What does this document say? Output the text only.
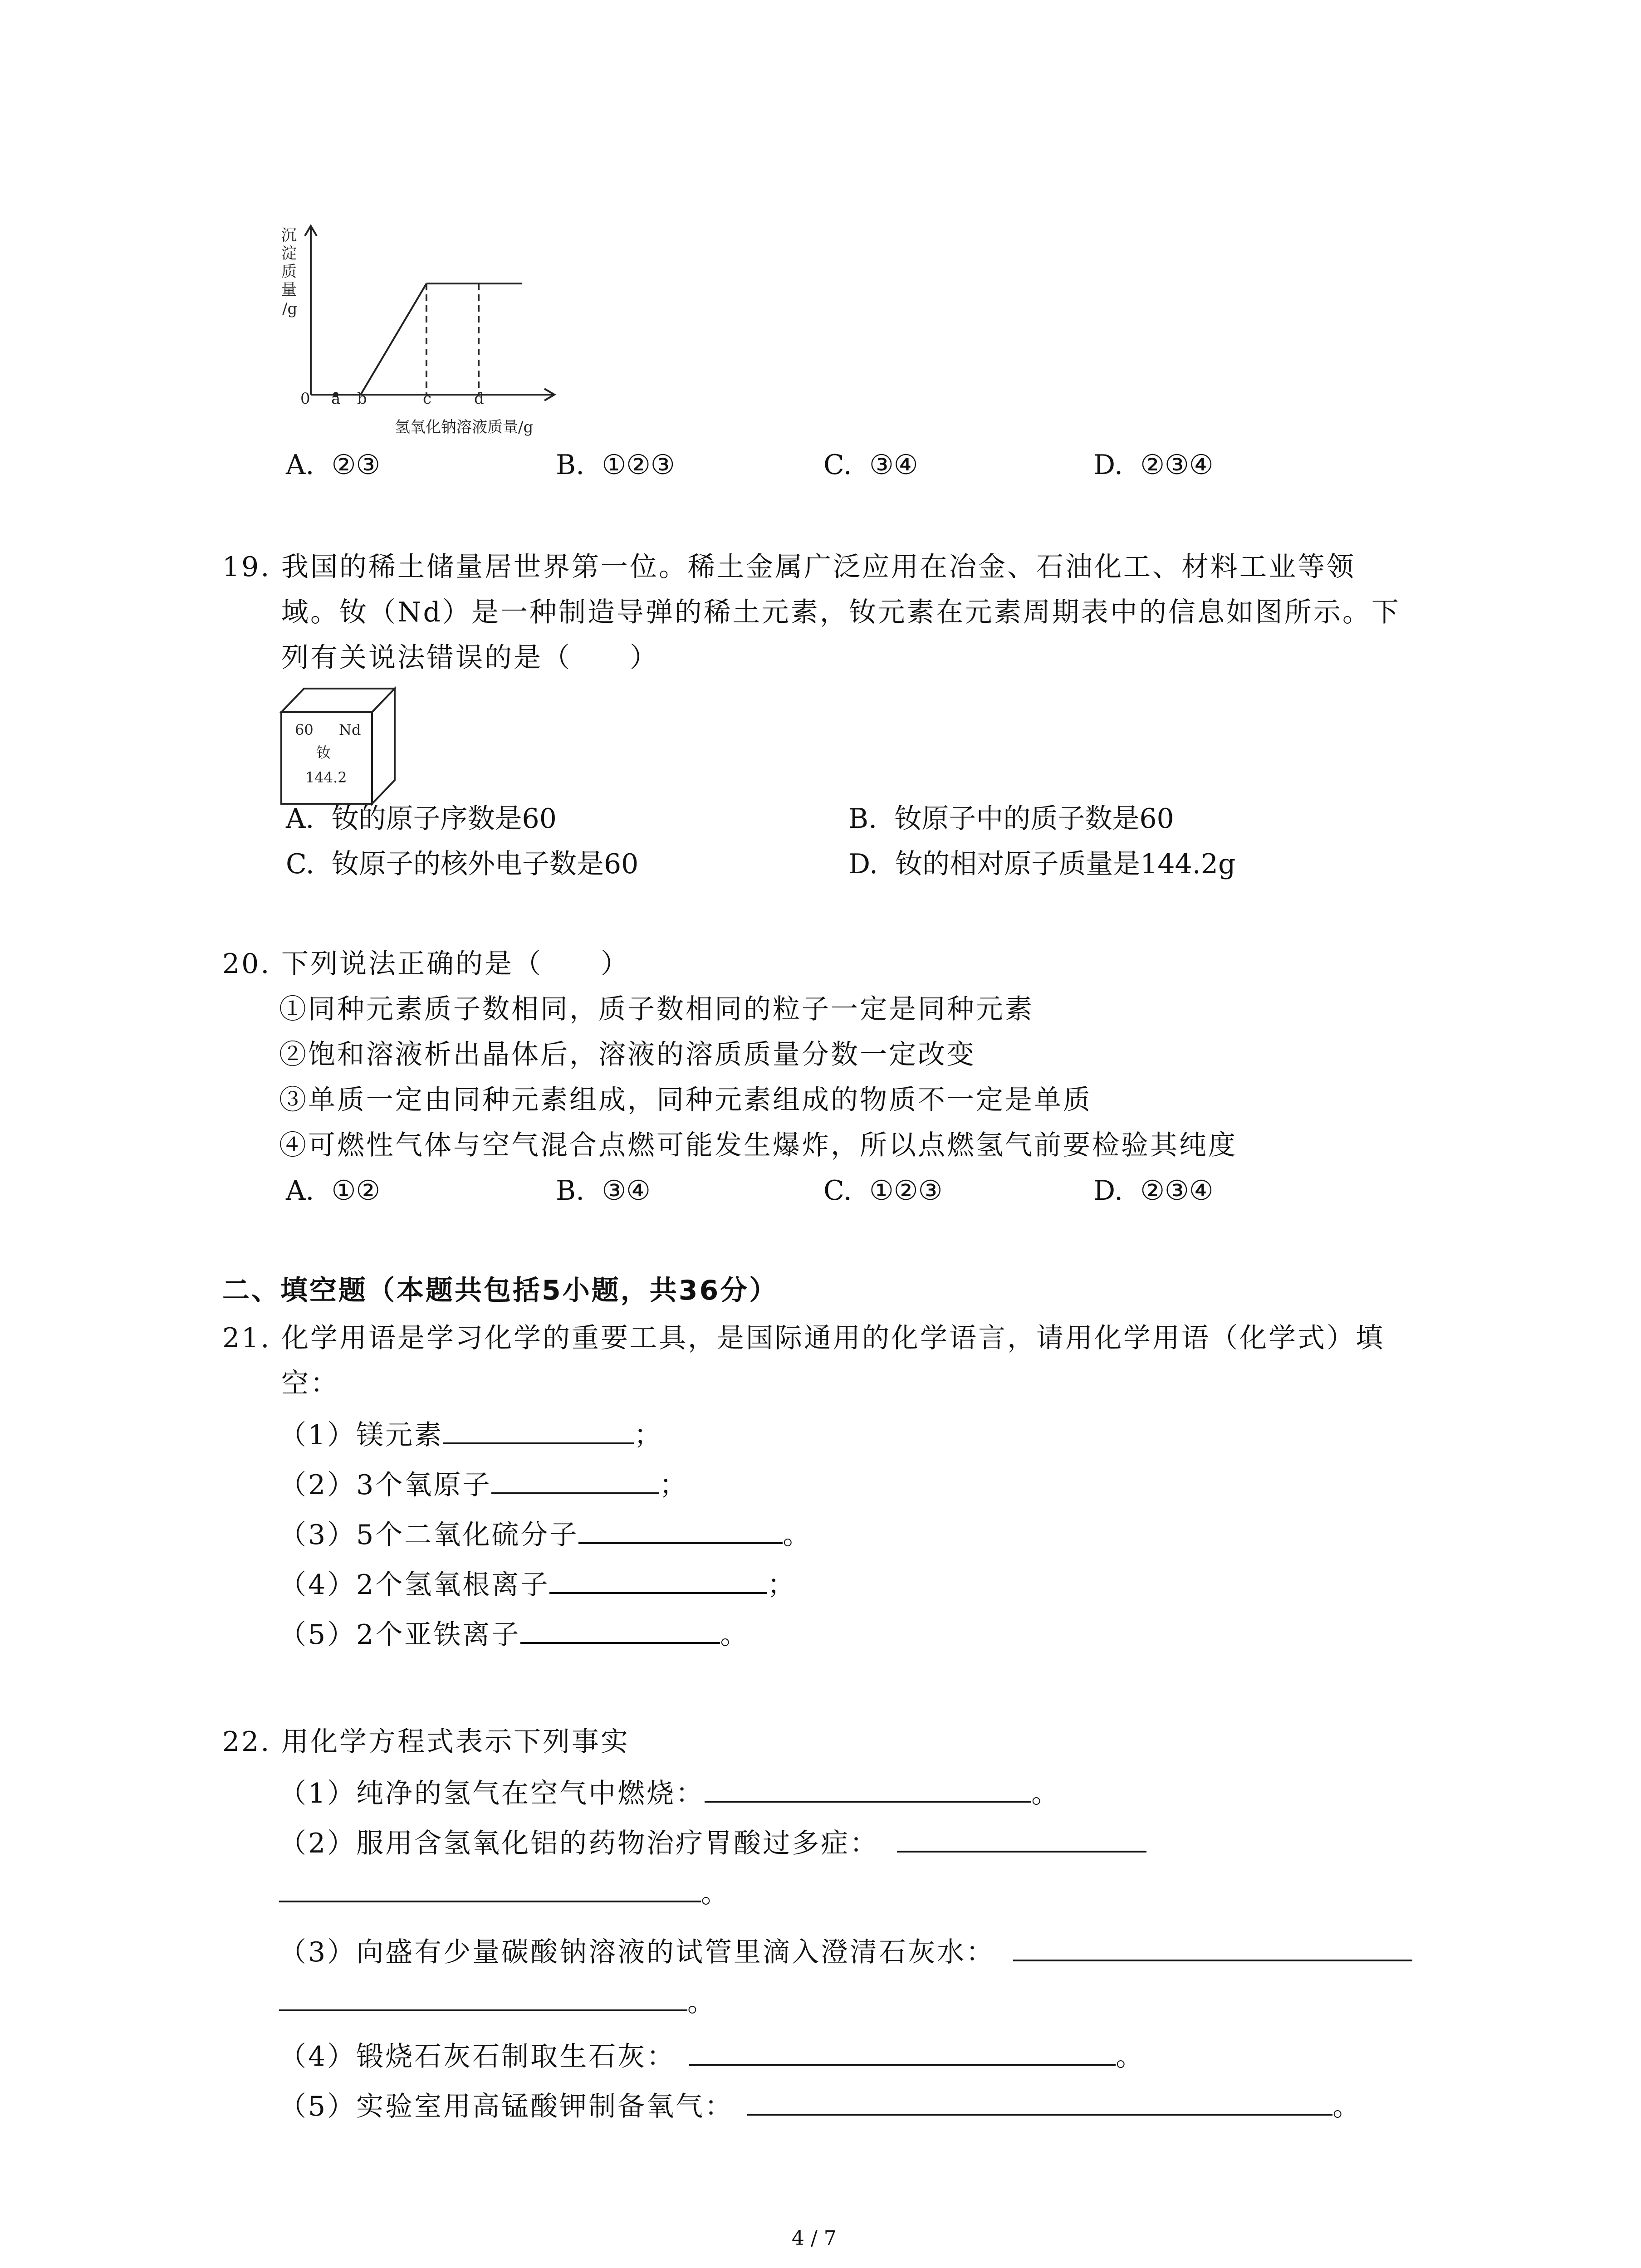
沉
淀
质
量
/g
0 a b	c	d
氢氧化钠溶液质量/g
A. ②③	B. ①②③	C. ③④	D. ②③④
19. 我国的稀土储量居世界第一位。稀土金属广泛应用在冶金、石油化工、材料工业等领
域。钕（Nd）是一种制造导弹的稀土元素，钕元素在元素周期表中的信息如图所示。下
列有关说法错误的是（　　）
60 Nd
钕
144.2
A. 钕的原子序数是60	B. 钕原子中的质子数是60
C. 钕原子的核外电子数是60	D. 钕的相对原子质量是144.2g
20. 下列说法正确的是（　　）
①同种元素质子数相同，质子数相同的粒子一定是同种元素
②饱和溶液析出晶体后，溶液的溶质质量分数一定改变
③单质一定由同种元素组成，同种元素组成的物质不一定是单质
④可燃性气体与空气混合点燃可能发生爆炸，所以点燃氢气前要检验其纯度
A. ①②	B. ③④	C. ①②③	D. ②③④
二、填空题（本题共包括5小题，共36分）
21. 化学用语是学习化学的重要工具，是国际通用的化学语言，请用化学用语（化学式）填
空：
（1）镁元素	；
（2）3个氧原子	；
（3）5个二氧化硫分子	。
（4）2个氢氧根离子	；
（5）2个亚铁离子	。
22. 用化学方程式表示下列事实
（1）纯净的氢气在空气中燃烧：	。
（2）服用含氢氧化铝的药物治疗胃酸过多症：
。
（3）向盛有少量碳酸钠溶液的试管里滴入澄清石灰水：
。
（4）锻烧石灰石制取生石灰：	。
（5）实验室用高锰酸钾制备氧气：	。
4 / 7
